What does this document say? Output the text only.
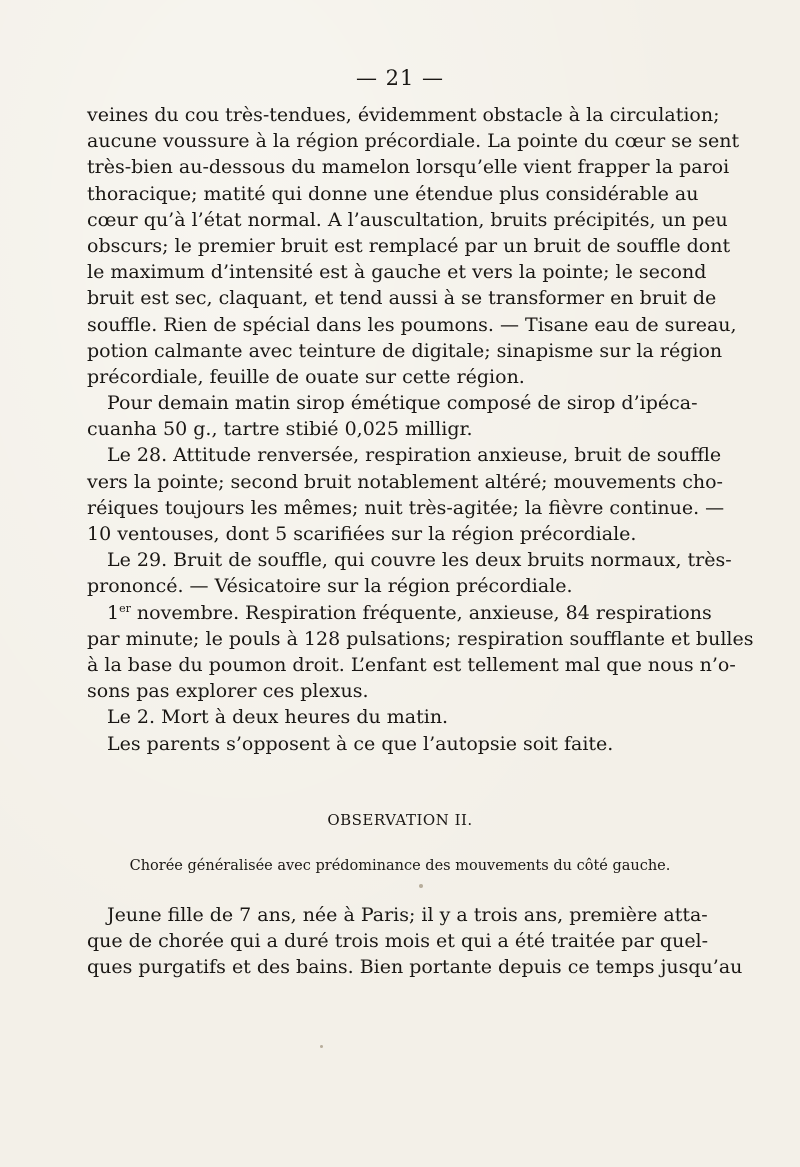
— 21 —
veines du cou très-tendues, évidemment obstacle à la circulation;
aucune voussure à la région précordiale. La pointe du cœur se sent
très-bien au-dessous du mamelon lorsqu’elle vient frapper la paroi
thoracique; matité qui donne une étendue plus considérable au
cœur qu’à l’état normal. A l’auscultation, bruits précipités, un peu
obscurs; le premier bruit est remplacé par un bruit de souffle dont
le maximum d’intensité est à gauche et vers la pointe; le second
bruit est sec, claquant, et tend aussi à se transformer en bruit de
souffle. Rien de spécial dans les poumons. — Tisane eau de sureau,
potion calmante avec teinture de digitale; sinapisme sur la région
précordiale, feuille de ouate sur cette région.
Pour demain matin sirop émétique composé de sirop d’ipéca-
cuanha 50 g., tartre stibié 0,025 milligr.
Le 28. Attitude renversée, respiration anxieuse, bruit de souffle
vers la pointe; second bruit notablement altéré; mouvements cho-
réiques toujours les mêmes; nuit très-agitée; la fièvre continue. —
10 ventouses, dont 5 scarifiées sur la région précordiale.
Le 29. Bruit de souffle, qui couvre les deux bruits normaux, très-
prononcé. — Vésicatoire sur la région précordiale.
1er novembre. Respiration fréquente, anxieuse, 84 respirations
par minute; le pouls à 128 pulsations; respiration soufflante et bulles
à la base du poumon droit. L’enfant est tellement mal que nous n’o-
sons pas explorer ces plexus.
Le 2. Mort à deux heures du matin.
Les parents s’opposent à ce que l’autopsie soit faite.
OBSERVATION II.
Chorée généralisée avec prédominance des mouvements du côté gauche.
Jeune fille de 7 ans, née à Paris; il y a trois ans, première atta-
que de chorée qui a duré trois mois et qui a été traitée par quel-
ques purgatifs et des bains. Bien portante depuis ce temps jusqu’au
